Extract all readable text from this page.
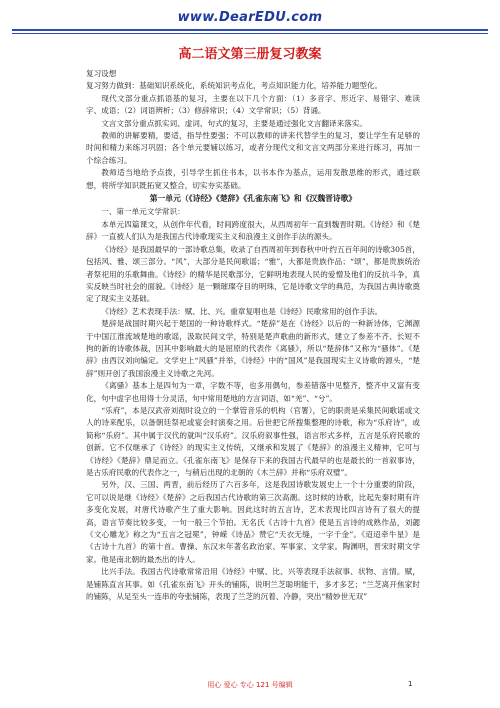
www.DearEDU.com
高二语文第三册复习教案

复习设想

复习努力做到：基础知识系统化，系统知识考点化，考点知识能力化，培养能力题型化。

现代文部分重点抓语基的复习，主要在以下几个方面：（1）多音字、形近字、易错字、难读字、成语；（2）词语辨析；（3）修辞常识；（4）文学常识；（5）背诵。

文言文部分重点抓实词、虚词、句式的复习，主要是通过强化文言翻译来落实。

教师的讲解要精，要适，指导性要强；不可以教师的讲来代替学生的复习，要让学生有足够的时间和精力来练习巩固；各个单元要辅以练习，或者分现代文和文言文两部分来进行练习，再加一个综合练习。

教师适当地给予点拨，引导学生抓住书本，以书本作为基点，运用发散思维的形式，通过联想，将所学知识既拓宽又整合，切实夯实基础。

第一单元（《诗经》《楚辞》《孔雀东南飞》和《汉魏晋诗歌》

一、第一单元文学常识：

本单元四篇课文，从创作年代看，时间跨度很大，从西周初年一直到魏晋时期。《诗经》和《楚辞》一直被人们认为是我国古代诗歌现实主义和浪漫主义创作手法的源头。

《诗经》是我国最早的一部诗歌总集，收录了自西周初年到春秋中叶约五百年间的诗歌305首，包括风、雅、颂三部分。“风”，大部分是民间歌谣；“雅”，大都是贵族作品；“颂”，都是贵族统治者祭祀用的乐歌舞曲。《诗经》的精华是民歌部分，它鲜明地表现人民的爱憎及他们的反抗斗争，真实反映当时社会的面貌。《诗经》是一颗璀璨夺目的明珠，它是诗歌文学的典范，为我国古典诗歌奠定了现实主义基础。

《诗经》艺术表现手法：赋、比、兴。重章复唱也是《诗经》民歌常用的创作手法。

楚辞是战国时期兴起于楚国的一种诗歌样式。“楚辞”是在《诗经》以后的一种新诗体，它渊源于中国江淮流域楚地的歌谣，汲取民间文学，特别是楚声歌曲的新形式，建立了参差不齐、长短不拘的新的诗歌体裁，因其中影响最大的是屈原的代表作《离骚》，所以“楚辞体”又称为“骚体”。《楚辞》由西汉刘向编定。文学史上“风骚”并举，《诗经》中的“国风”是我国现实主义诗歌的源头，“楚辞”则开创了我国浪漫主义诗歌之先河。

《离骚》基本上是四句为一章，字数不等，也多用偶句，参差错落中见整齐，整齐中又富有变化，句中虚字也用得十分灵活，句中常用楚地的方言词语，如“羌”、“兮”。

“乐府”，本是汉武帝刘彻时设立的一个掌管音乐的机构（官署），它的职责是采集民间歌谣或文人的诗来配乐，以备朝廷祭祀或宴会时演奏之用。后世把它所搜集整理的诗歌，称为“乐府诗”，或简称“乐府”。其中属于汉代的就叫“汉乐府”。汉乐府叙事性强，语言形式多样，五言是乐府民歌的创新。它不仅继承了《诗经》的现实主义传统，又继承和发展了《楚辞》的浪漫主义精神，它可与《诗经》《楚辞》鼎足而立。《孔雀东南飞》是保存下来的我国古代最早的也是最长的一首叙事诗，是古乐府民歌的代表作之一，与稍后出现的北朝的《木兰辞》并称“乐府双璧”。

另外，汉、三国、两晋，前后经历了六百多年，这是我国诗歌发展史上一个十分重要的阶段，它可以说是继《诗经》《楚辞》之后我国古代诗歌的第三次高潮。这时候的诗歌，比起先秦时期有许多变化发展，对唐代诗歌产生了重大影响。因此这时的五言诗，艺术表现比四言诗有了很大的提高，语言节奏比较多变，一句一般三个节拍。无名氏《古诗十九首》使是五言诗的成熟作品，刘勰《文心雕龙》称之为“五言之冠冕”，钟嵘《诗品》赞它“天衣无缝，一字千金”。《迢迢牵牛星》是《古诗十九首》的第十首。曹操、东汉末年著名政治家、军事家、文学家。陶渊明，晋宋时期文学家。他是南北朝的最杰出的诗人。

比兴手法。我国古代诗歌常常沿用《诗经》中赋、比、兴等表现手法叙事、状物、言情。赋，是铺陈直言其事。如《孔雀东南飞》开头的铺陈，说明兰芝聪明能干，多才多艺；“兰芝离开焦家时的铺陈，从足至头一连串的夸张铺陈，表现了兰芝的沉着、冷静，突出“精妙世无双”

用心 爱心 专心 121 号编辑	1
